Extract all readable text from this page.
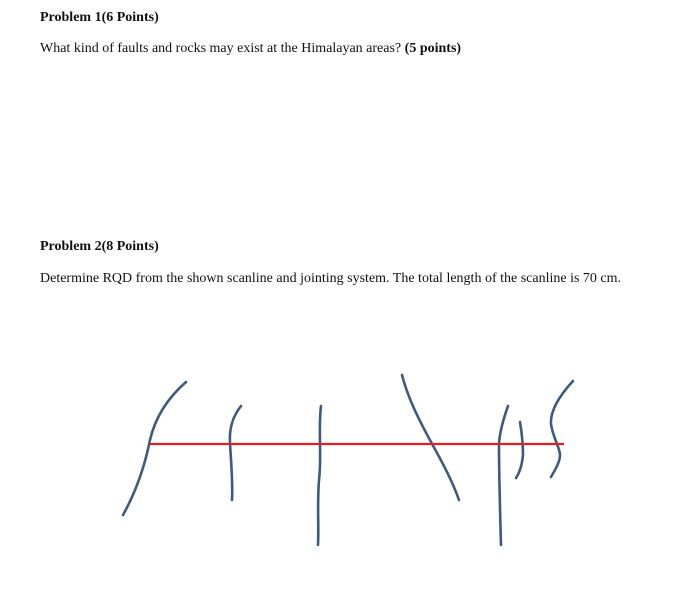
Problem 1(6 Points)
What kind of faults and rocks may exist at the Himalayan areas? (5 points)
Problem 2(8 Points)
Determine RQD from the shown scanline and jointing system. The total length of the scanline is 70 cm.
